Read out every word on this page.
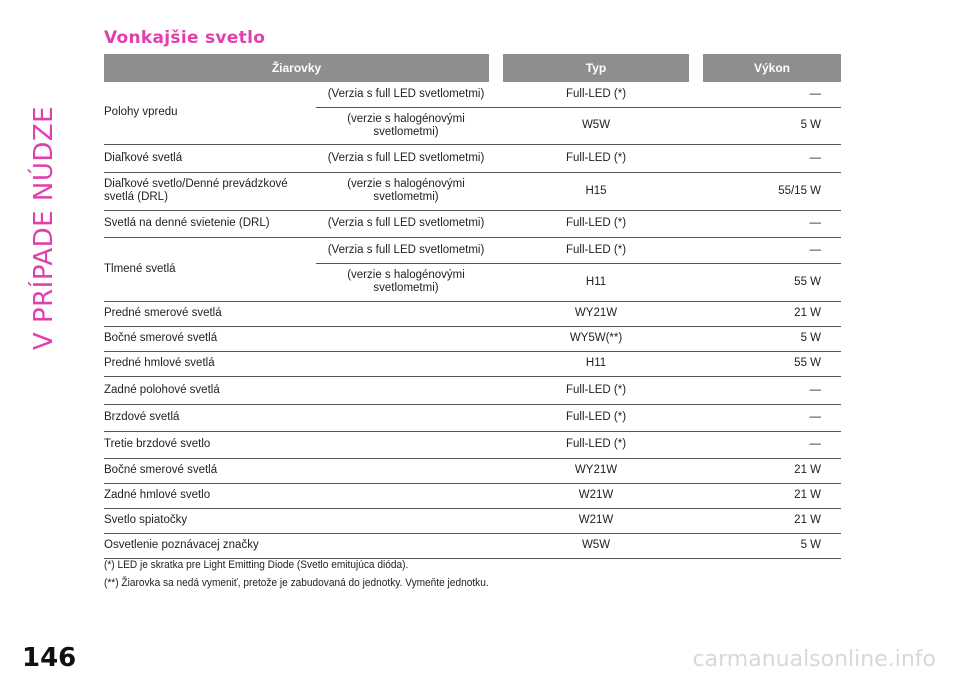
V PRÍPADE NÚDZE
Vonkajšie svetlo
Žiarovky		Typ	Výkon
Polohy vpredu	(Verzia s full LED svetlometmi)	Full-LED (*)	—
	(verzie s halogénovými svetlometmi)	W5W	5 W
Diaľkové svetlá	(Verzia s full LED svetlometmi)	Full-LED (*)	—
Diaľkové svetlo/Denné prevádzkové svetlá (DRL)	(verzie s halogénovými svetlometmi)	H15	55/15 W
Svetlá na denné svietenie (DRL)	(Verzia s full LED svetlometmi)	Full-LED (*)	—
Tlmené svetlá	(Verzia s full LED svetlometmi)	Full-LED (*)	—
	(verzie s halogénovými svetlometmi)	H11	55 W
Predné smerové svetlá		WY21W	21 W
Bočné smerové svetlá		WY5W(**)	5 W
Predné hmlové svetlá		H11	55 W
Zadné polohové svetlá		Full-LED (*)	—
Brzdové svetlá		Full-LED (*)	—
Tretie brzdové svetlo		Full-LED (*)	—
Bočné smerové svetlá		WY21W	21 W
Zadné hmlové svetlo		W21W	21 W
Svetlo spiatočky		W21W	21 W
Osvetlenie poznávacej značky		W5W	5 W
(*) LED je skratka pre Light Emitting Diode (Svetlo emitujúca dióda).
(**) Žiarovka sa nedá vymeniť, pretože je zabudovaná do jednotky. Vymeňte jednotku.
146	carmanualsonline.info
